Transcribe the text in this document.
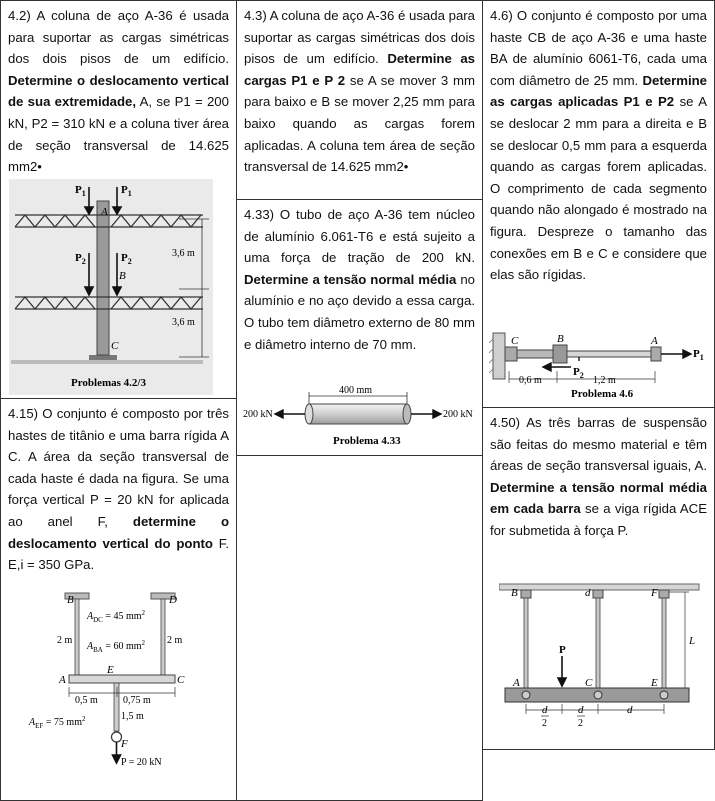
4.2) A coluna de aço A-36 é usada para suportar as cargas simétricas dos dois pisos de um edifício. Determine o deslocamento vertical de sua extremidade, A, se P1 = 200 kN, P2 = 310 kN e a coluna tiver área de seção transversal de 14.625 mm2•
$P_1$	$P_1$
A
$P_2$	$P_2$
B
C
3,6 m
3,6 m
Problemas 4.2/3
4.3) A coluna de aço A-36 é usada para suportar as cargas simétricas dos dois pisos de um edifício. Determine as cargas P1 e P 2 se A se mover 3 mm para baixo e B se mover 2,25 mm para baixo quando as cargas forem aplicadas. A coluna tem área de seção transversal de 14.625 mm2•
4.33) O tubo de aço A-36 tem núcleo de alumínio 6.061-T6 e está sujeito a uma força de tração de 200 kN. Determine a tensão normal média no alumínio e no aço devido a essa carga. O tubo tem diâmetro externo de 80 mm e diâmetro interno de 70 mm.
400 mm
200 kN	200 kN
Problema 4.33
4.6) O conjunto é composto por uma haste CB de aço A-36 e uma haste BA de alumínio 6061-T6, cada uma com diâmetro de 25 mm. Determine as cargas aplicadas P1 e P2 se A se deslocar 2 mm para a direita e B se deslocar 0,5 mm para a esquerda quando as cargas forem aplicadas. O comprimento de cada segmento quando não alongado é mostrado na figura. Despreze o tamanho das conexões em B e C e considere que elas são rígidas.
C	B	A
$P_1$
$P_2$
0,6 m	1,2 m
Problema 4.6
4.15) O conjunto é composto por três hastes de titânio e uma barra rígida A C. A área da seção transversal de cada haste é dada na figura. Se uma força vertical P = 20 kN for aplicada ao anel F, determine o deslocamento vertical do ponto F. E,i = 350 GPa.
B	D
$A_{DC} = 45$ $mm^2$
$A_{BA} = 60$ $mm^2$
2 m	2 m
E
A	C
0,5 m	0,75 m
1,5 m
$A_{EF} = 75$ $mm^2$
F
P = 20 kN
4.50) As três barras de suspensão são feitas do mesmo material e têm áreas de seção transversal iguais, A. Determine a tensão normal média em cada barra se a viga rígida ACE for submetida à força P.
B	d	F
P
L
A	C	E
d
2
d
2
d
